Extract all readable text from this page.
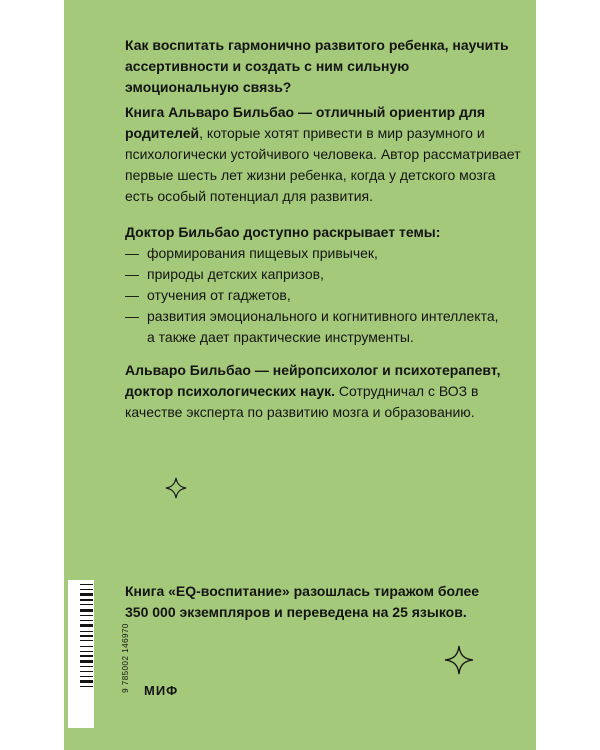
Как воспитать гармонично развитого ребенка, научить ассертивности и создать с ним сильную эмоциональную связь?
Книга Альваро Бильбао — отличный ориентир для родителей, которые хотят привести в мир разумного и психологически устойчивого человека. Автор рассматривает первые шесть лет жизни ребенка, когда у детского мозга есть особый потенциал для развития.
Доктор Бильбао доступно раскрывает темы:
— формирования пищевых привычек,
— природы детских капризов,
— отучения от гаджетов,
— развития эмоционального и когнитивного интеллекта,
а также дает практические инструменты.
Альваро Бильбао — нейропсихолог и психотерапевт, доктор психологических наук. Сотрудничал с ВОЗ в качестве эксперта по развитию мозга и образованию.
Книга «EQ-воспитание» разошлась тиражом более 350 000 экземпляров и переведена на 25 языков.
9 785002 146970 МИФ
